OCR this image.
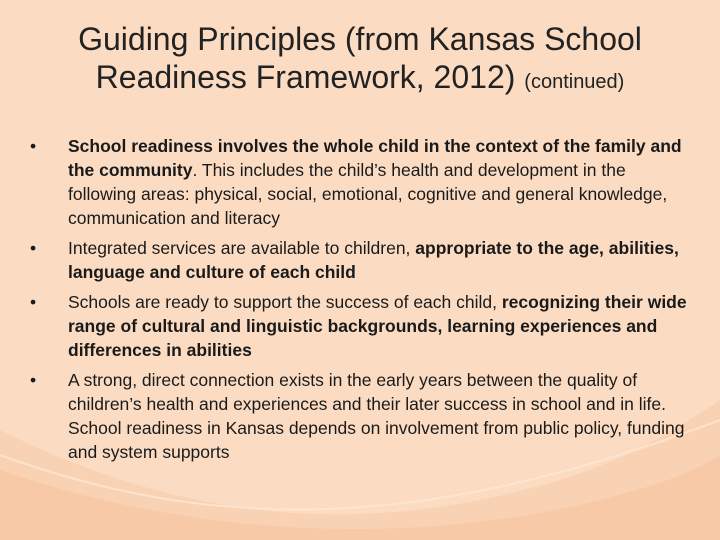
Guiding Principles (from Kansas School Readiness Framework, 2012) (continued)
•	School readiness involves the whole child in the context of the family and the community. This includes the child’s health and development in the following areas: physical, social, emotional, cognitive and general knowledge, communication and literacy
•	Integrated services are available to children, appropriate to the age, abilities, language and culture of each child
•	Schools are ready to support the success of each child, recognizing their wide range of cultural and linguistic backgrounds, learning experiences and differences in abilities
•	A strong, direct connection exists in the early years between the quality of children’s health and experiences and their later success in school and in life. School readiness in Kansas depends on involvement from public policy, funding and system supports
